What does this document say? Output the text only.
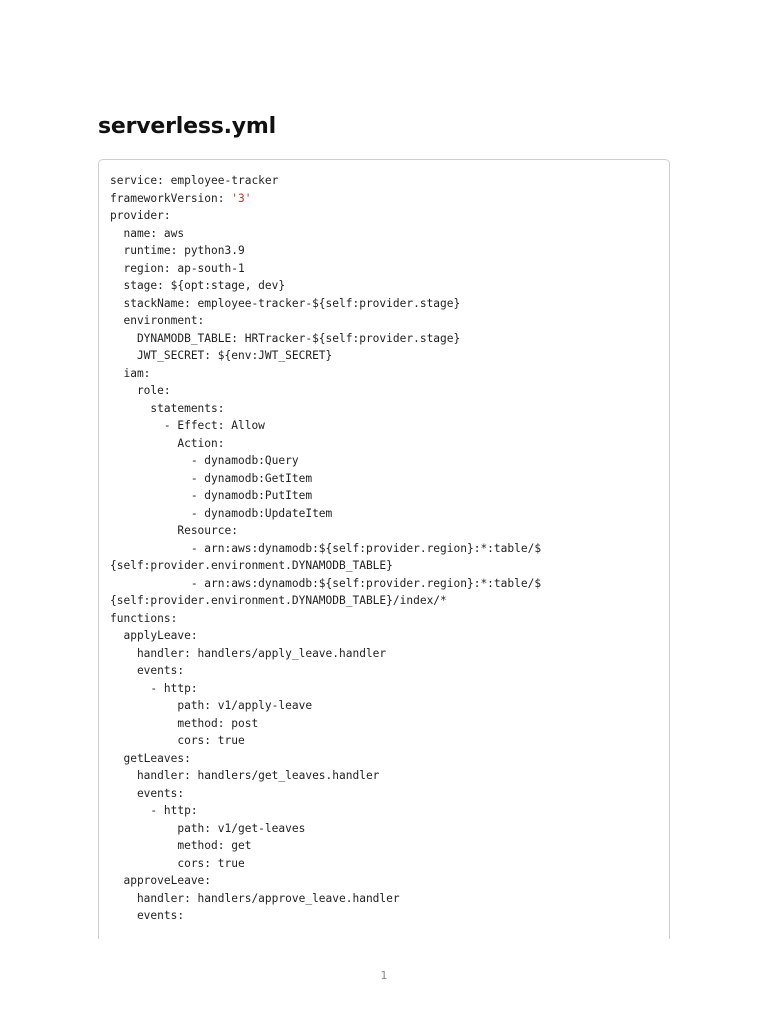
serverless.yml
service: employee-tracker
frameworkVersion: '3'
provider:
name: aws
runtime: python3.9
region: ap-south-1
stage: ${opt:stage, dev}
stackName: employee-tracker-${self:provider.stage}
environment:
DYNAMODB_TABLE: HRTracker-${self:provider.stage}
JWT_SECRET: ${env:JWT_SECRET}
iam:
role:
statements:
- Effect: Allow
Action:
- dynamodb:Query
- dynamodb:GetItem
- dynamodb:PutItem
- dynamodb:UpdateItem
Resource:
- arn:aws:dynamodb:${self:provider.region}:*:table/$
{self:provider.environment.DYNAMODB_TABLE}
- arn:aws:dynamodb:${self:provider.region}:*:table/$
{self:provider.environment.DYNAMODB_TABLE}/index/*
functions:
applyLeave:
handler: handlers/apply_leave.handler
events:
- http:
path: v1/apply-leave
method: post
cors: true
getLeaves:
handler: handlers/get_leaves.handler
events:
- http:
path: v1/get-leaves
method: get
cors: true
approveLeave:
handler: handlers/approve_leave.handler
events:
1
